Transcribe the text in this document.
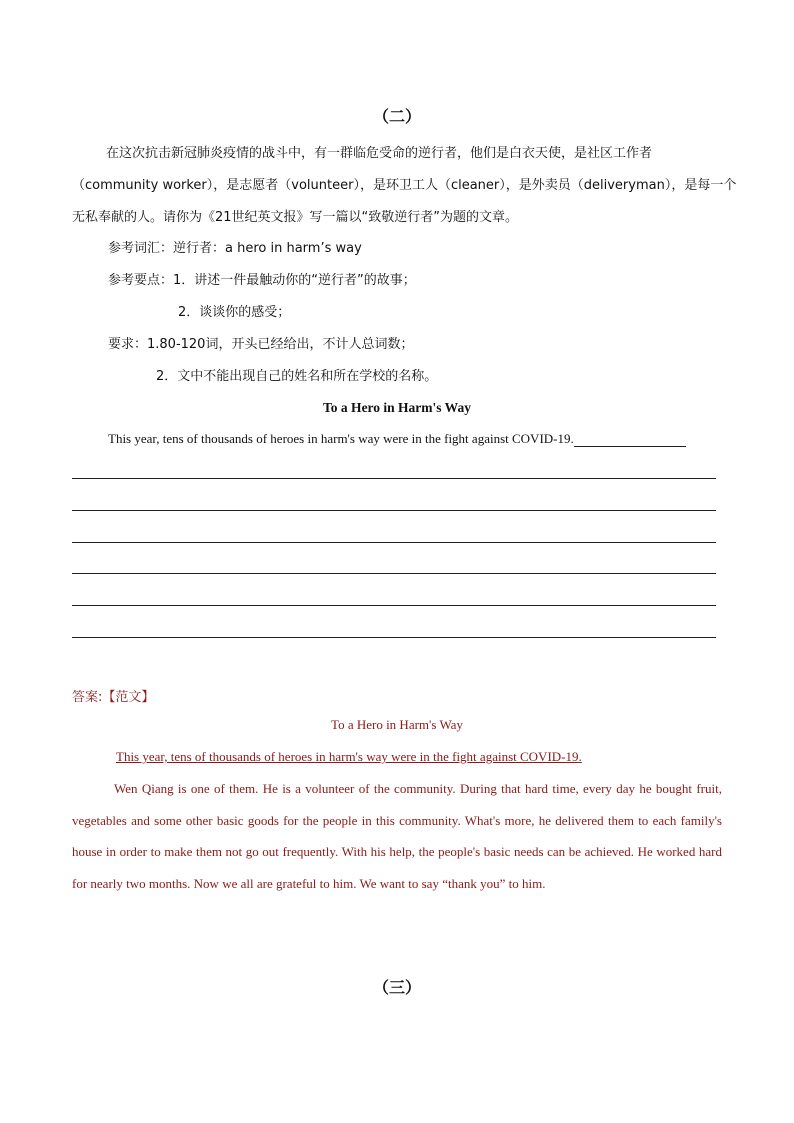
（二）
在这次抗击新冠肺炎疫情的战斗中，有一群临危受命的逆行者，他们是白衣天使，是社区工作者
（community worker），是志愿者（volunteer），是环卫工人（cleaner），是外卖员（deliveryman），是每一个
无私奉献的人。请你为《21世纪英文报》写一篇以“致敬逆行者”为题的文章。
参考词汇：逆行者：a hero in harm’s way
参考要点：1．讲述一件最触动你的“逆行者”的故事；
2．谈谈你的感受；
要求：1.80-120词，开头已经给出，不计人总词数；
2．文中不能出现自己的姓名和所在学校的名称。
To a Hero in Harm's Way
This year, tens of thousands of heroes in harm's way were in the fight against COVID-19.
答案:【范文】
To a Hero in Harm's Way
This year, tens of thousands of heroes in harm's way were in the fight against COVID-19.
Wen Qiang is one of them. He is a volunteer of the community. During that hard time, every day he bought fruit, vegetables and some other basic goods for the people in this community. What's more, he delivered them to each family's house in order to make them not go out frequently. With his help, the people's basic needs can be achieved. He worked hard for nearly two months. Now we all are grateful to him. We want to say “thank you” to him.
（三）
